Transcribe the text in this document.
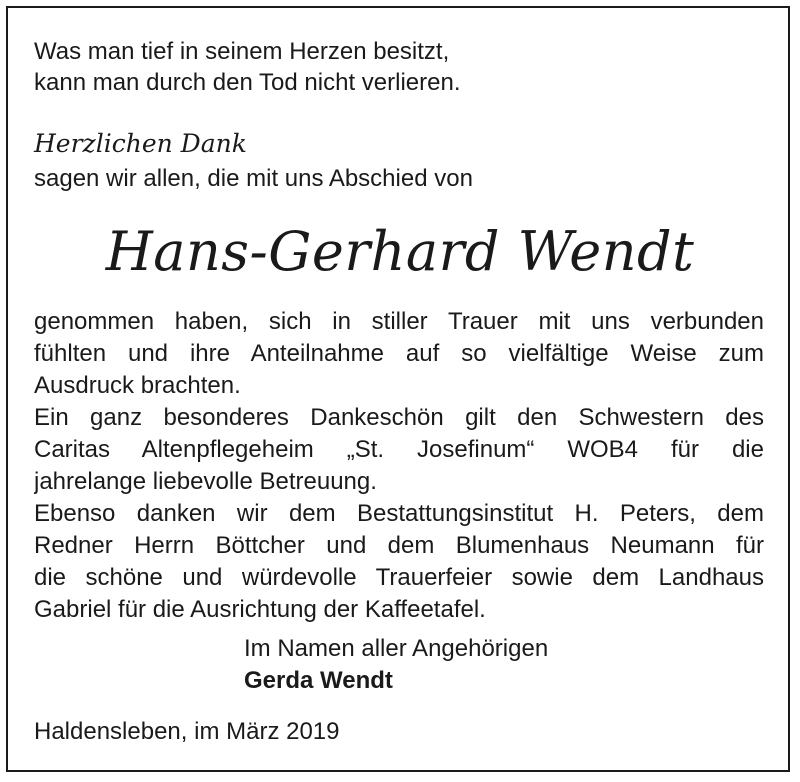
Was man tief in seinem Herzen besitzt,
kann man durch den Tod nicht verlieren.
Herzlichen Dank
sagen wir allen, die mit uns Abschied von
Hans-Gerhard Wendt
genommen haben, sich in stiller Trauer mit uns verbunden
fühlten und ihre Anteilnahme auf so vielfältige Weise zum
Ausdruck brachten.
Ein ganz besonderes Dankeschön gilt den Schwestern des
Caritas Altenpflegeheim „St. Josefinum“ WOB4 für die
jahrelange liebevolle Betreuung.
Ebenso danken wir dem Bestattungsinstitut H. Peters, dem
Redner Herrn Böttcher und dem Blumenhaus Neumann für
die schöne und würdevolle Trauerfeier sowie dem Landhaus
Gabriel für die Ausrichtung der Kaffeetafel.
Im Namen aller Angehörigen
Gerda Wendt
Haldensleben, im März 2019
